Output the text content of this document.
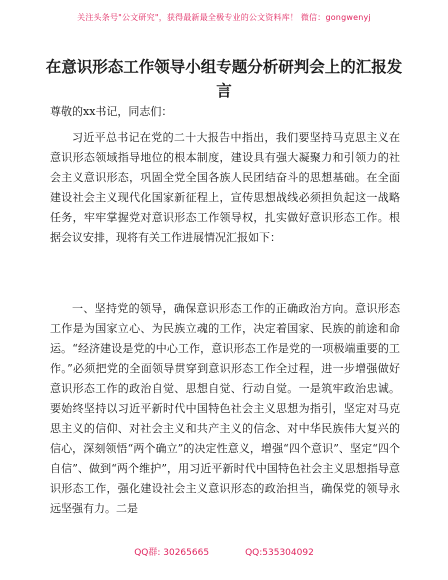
关注头条号"公文研究"，获得最新最全极专业的公文资料库！ 微信：gongwenyj
在意识形态工作领导小组专题分析研判会上的汇报发言
尊敬的xx书记，同志们：

习近平总书记在党的二十大报告中指出，我们要坚持马克思主义在意识形态领域指导地位的根本制度，建设具有强大凝聚力和引领力的社会主义意识形态，巩固全党全国各族人民团结奋斗的思想基础。在全面建设社会主义现代化国家新征程上，宣传思想战线必须担负起这一战略任务，牢牢掌握党对意识形态工作领导权，扎实做好意识形态工作。根据会议安排，现将有关工作进展情况汇报如下：

一、坚持党的领导，确保意识形态工作的正确政治方向。意识形态工作是为国家立心、为民族立魂的工作，决定着国家、民族的前途和命运。“经济建设是党的中心工作，意识形态工作是党的一项极端重要的工作。”必须把党的全面领导贯穿到意识形态工作全过程，进一步增强做好意识形态工作的政治自觉、思想自觉、行动自觉。一是筑牢政治忠诚。要始终坚持以习近平新时代中国特色社会主义思想为指引，坚定对马克思主义的信仰、对社会主义和共产主义的信念、对中华民族伟大复兴的信心，深刻领悟“两个确立”的决定性意义，增强“四个意识”、坚定“四个自信”、做到“两个维护”，用习近平新时代中国特色社会主义思想指导意识形态工作，强化建设社会主义意识形态的政治担当，确保党的领导永远坚强有力。二是

QQ群: 30265665	QQ:535304092
